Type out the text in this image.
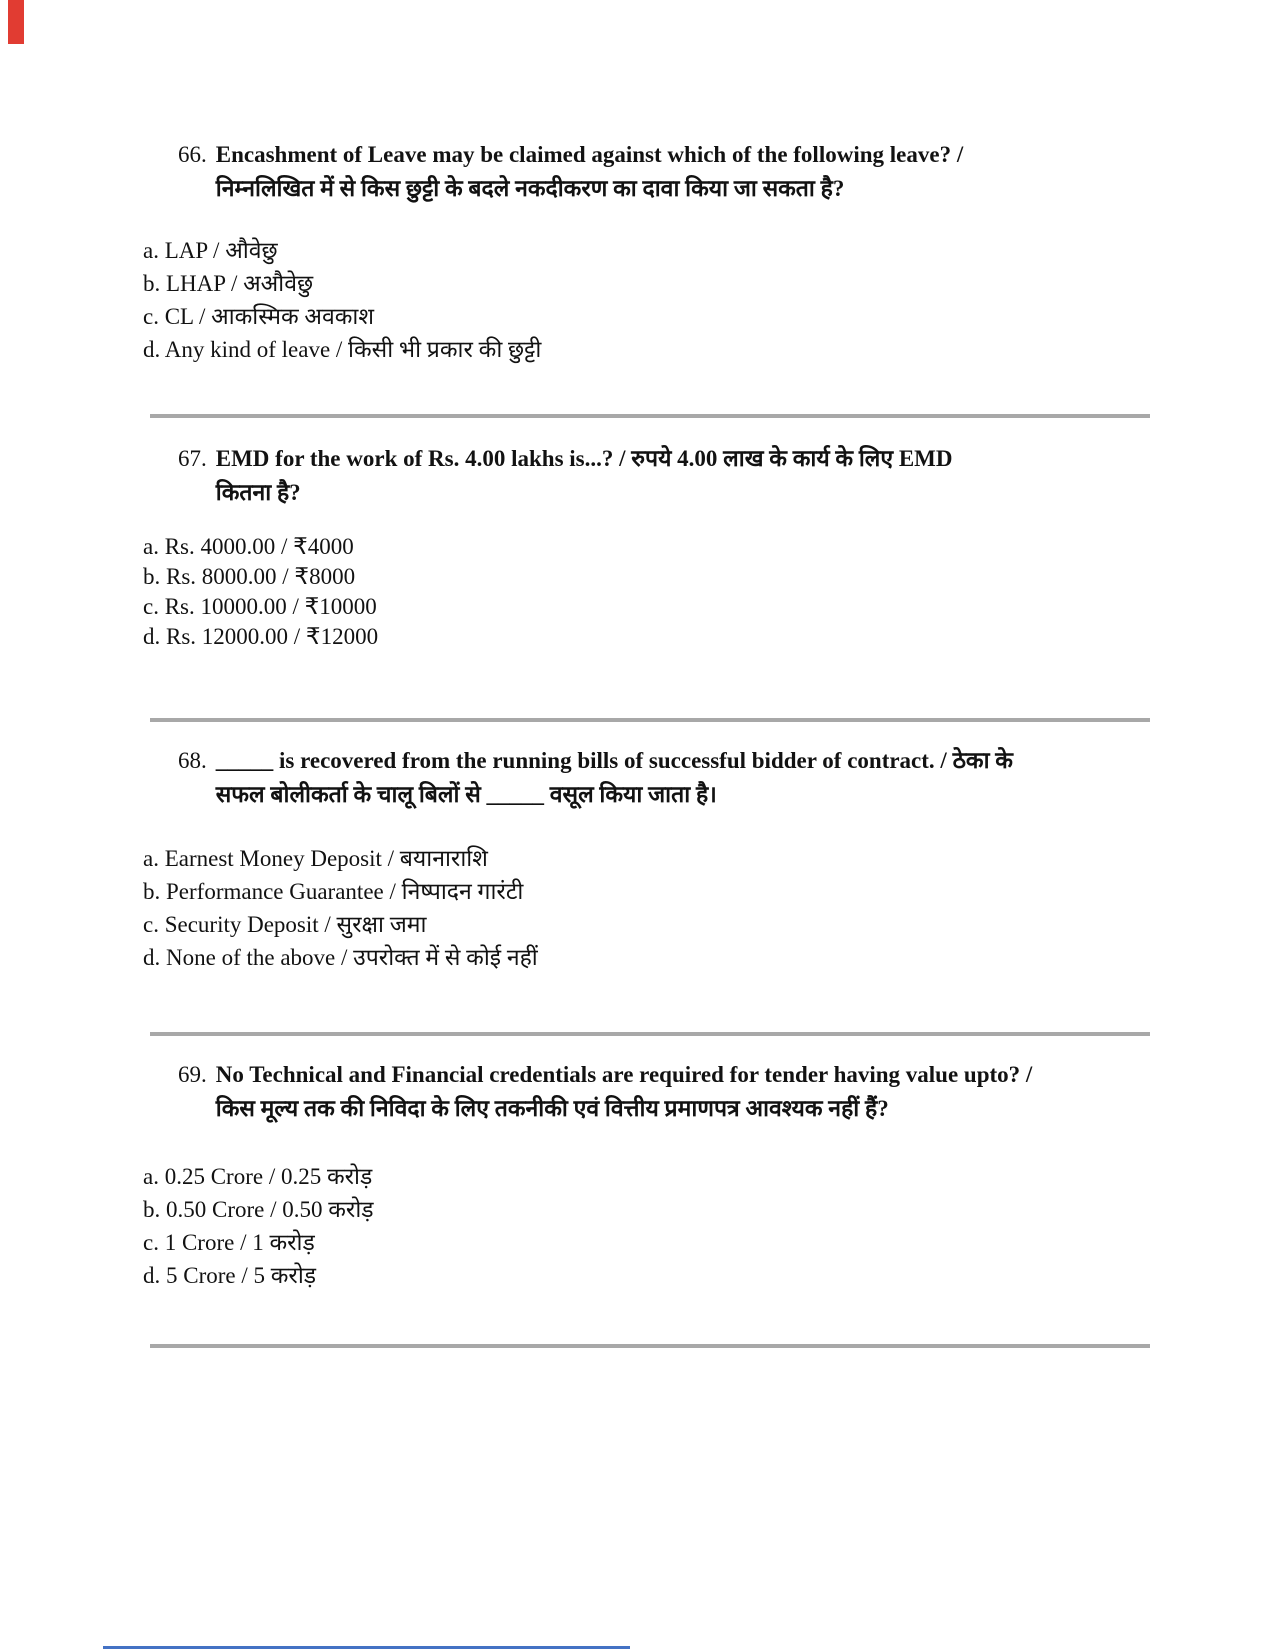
66. Encashment of Leave may be claimed against which of the following leave? /
निम्नलिखित में से किस छुट्टी के बदले नकदीकरण का दावा किया जा सकता है?
a. LAP / औवेछु
b. LHAP / अऔवेछु
c. CL / आकस्मिक अवकाश
d. Any kind of leave / किसी भी प्रकार की छुट्टी
67. EMD for the work of Rs. 4.00 lakhs is...? / रुपये 4.00 लाख के कार्य के लिए EMD
कितना है?
a. Rs. 4000.00 / ₹4000
b. Rs. 8000.00 / ₹8000
c. Rs. 10000.00 / ₹10000
d. Rs. 12000.00 / ₹12000
68. _____ is recovered from the running bills of successful bidder of contract. / ठेका के
सफल बोलीकर्ता के चालू बिलों से _____ वसूल किया जाता है।
a. Earnest Money Deposit / बयानाराशि
b. Performance Guarantee / निष्पादन गारंटी
c. Security Deposit / सुरक्षा जमा
d. None of the above / उपरोक्त में से कोई नहीं
69. No Technical and Financial credentials are required for tender having value upto? /
किस मूल्य तक की निविदा के लिए तकनीकी एवं वित्तीय प्रमाणपत्र आवश्यक नहीं हैं?
a. 0.25 Crore / 0.25 करोड़
b. 0.50 Crore / 0.50 करोड़
c. 1 Crore / 1 करोड़
d. 5 Crore / 5 करोड़
